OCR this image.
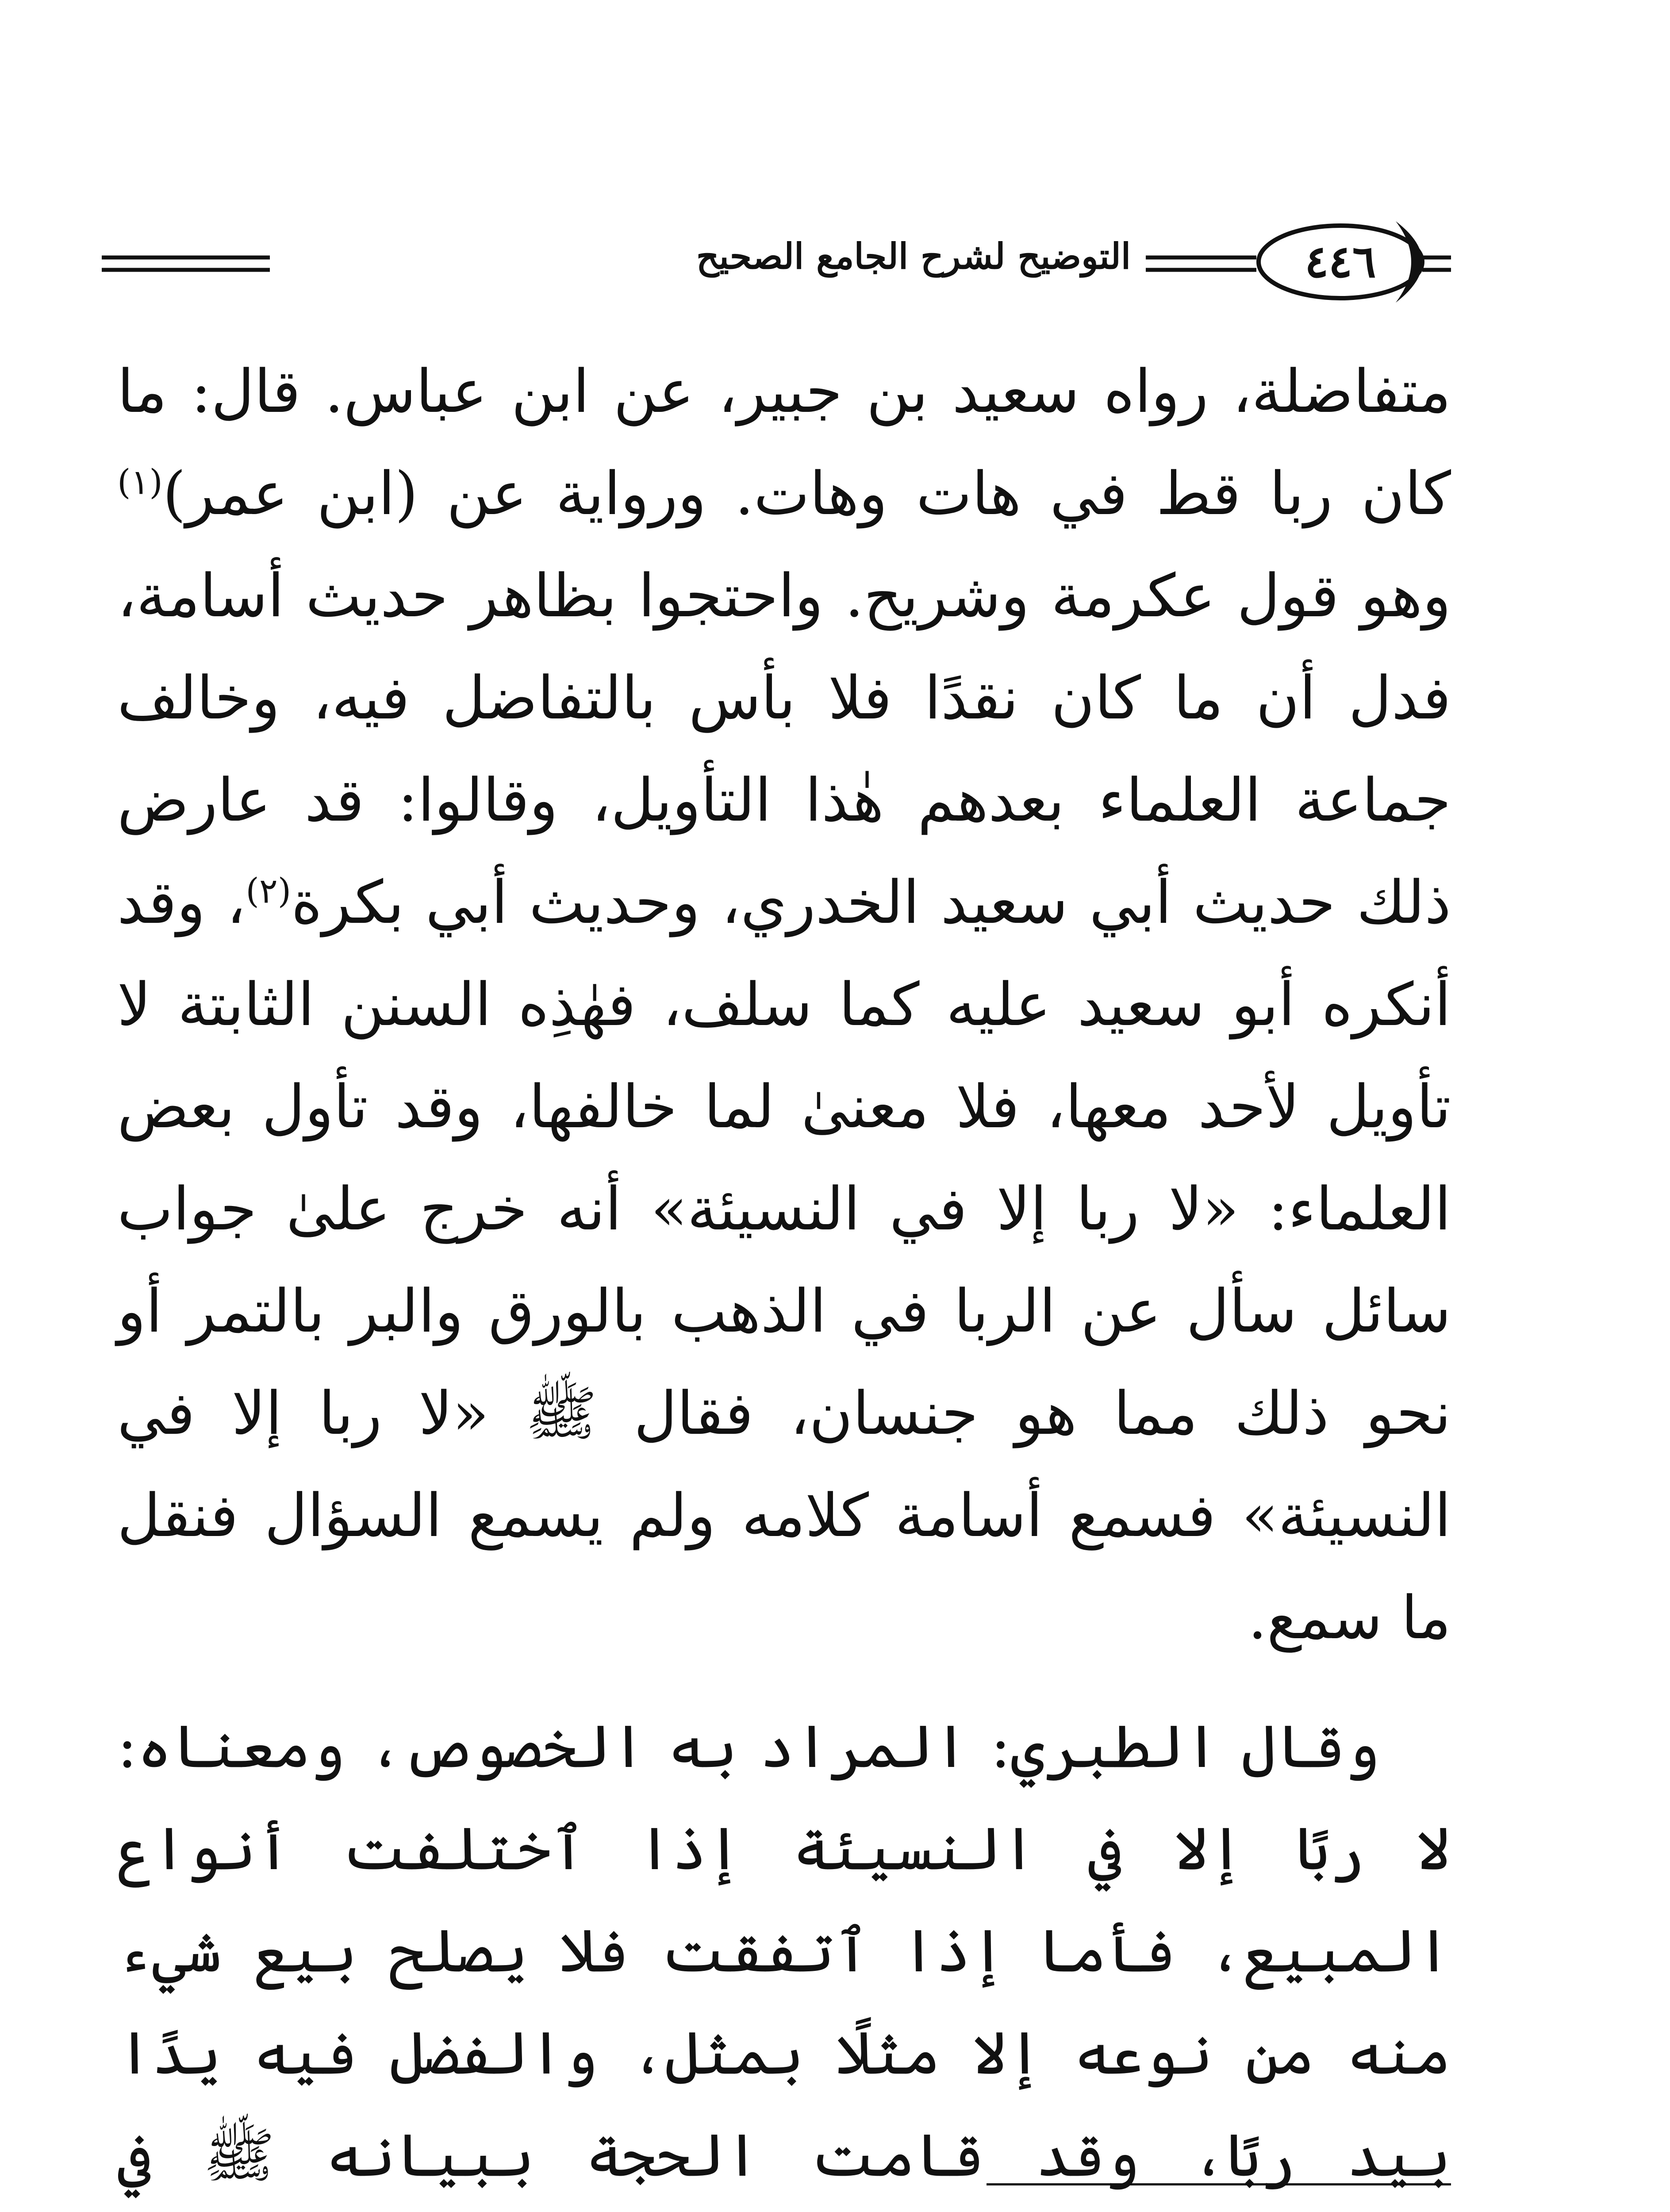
التوضيح لشرح الجامع الصحيح	٤٤٦

متفاضلة، رواه سعيد بن جبير، عن ابن عباس. قال: ما كان ربا قط في هات وهات. ورواية عن (ابن عمر)$^{(١)}$ وهو قول عكرمة وشريح. واحتجوا بظاهر حديث أسامة، فدل أن ما كان نقدًا فلا بأس بالتفاضل فيه، وخالف جماعة العلماء بعدهم هٰذا التأويل، وقالوا: قد عارض ذلك حديث أبي سعيد الخدري، وحديث أبي بكرة$^{(٢)}$، وقد أنكره أبو سعيد عليه كما سلف، فهٰذِه السنن الثابتة لا تأويل لأحد معها، فلا معنىٰ لما خالفها، وقد تأول بعض العلماء: «لا ربا إلا في النسيئة» أنه خرج علىٰ جواب سائل سأل عن الربا في الذهب بالورق والبر بالتمر أو نحو ذلك مما هو جنسان، فقال ﷺ «لا ربا إلا في النسيئة» فسمع أسامة كلامه ولم يسمع السؤال فنقل ما سمع.

وقال الطبري: المراد به الخصوص، ومعناه: لا ربًا إلا في النسيئة إذا ٱختلفت أنواع المبيع، فأما إذا ٱتفقت فلا يصلح بيع شيء منه من نوعه إلا مثلًا بمثل، والفضل فيه يدًا بيد ربًا، وقد قامت الحجة ببيانه ﷺ في
